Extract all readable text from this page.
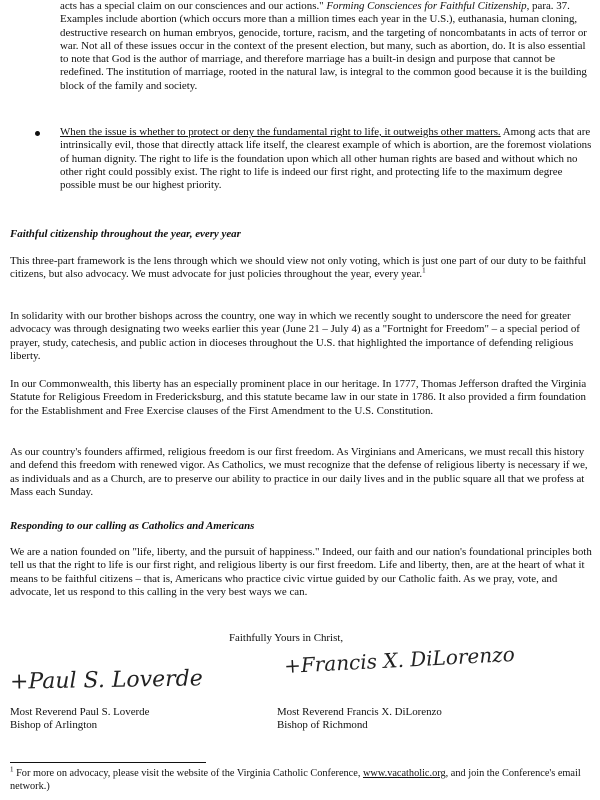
acts has a special claim on our consciences and our actions." Forming Consciences for Faithful Citizenship, para. 37. Examples include abortion (which occurs more than a million times each year in the U.S.), euthanasia, human cloning, destructive research on human embryos, genocide, torture, racism, and the targeting of noncombatants in acts of terror or war. Not all of these issues occur in the context of the present election, but many, such as abortion, do. It is also essential to note that God is the author of marriage, and therefore marriage has a built-in design and purpose that cannot be redefined. The institution of marriage, rooted in the natural law, is integral to the common good because it is the building block of the family and society.

When the issue is whether to protect or deny the fundamental right to life, it outweighs other matters. Among acts that are intrinsically evil, those that directly attack life itself, the clearest example of which is abortion, are the foremost violations of human dignity. The right to life is the foundation upon which all other human rights are based and without which no other right could possibly exist. The right to life is indeed our first right, and protecting life to the maximum degree possible must be our highest priority.

Faithful citizenship throughout the year, every year

This three-part framework is the lens through which we should view not only voting, which is just one part of our duty to be faithful citizens, but also advocacy. We must advocate for just policies throughout the year, every year.$^1$

In solidarity with our brother bishops across the country, one way in which we recently sought to underscore the need for greater advocacy was through designating two weeks earlier this year (June 21 – July 4) as a "Fortnight for Freedom" – a special period of prayer, study, catechesis, and public action in dioceses throughout the U.S. that highlighted the importance of defending religious liberty.

In our Commonwealth, this liberty has an especially prominent place in our heritage. In 1777, Thomas Jefferson drafted the Virginia Statute for Religious Freedom in Fredericksburg, and this statute became law in our state in 1786. It also provided a firm foundation for the Establishment and Free Exercise clauses of the First Amendment to the U.S. Constitution.

As our country's founders affirmed, religious freedom is our first freedom. As Virginians and Americans, we must recall this history and defend this freedom with renewed vigor. As Catholics, we must recognize that the defense of religious liberty is necessary if we, as individuals and as a Church, are to preserve our ability to practice in our daily lives and in the public square all that we profess at Mass each Sunday.

Responding to our calling as Catholics and Americans

We are a nation founded on "life, liberty, and the pursuit of happiness." Indeed, our faith and our nation's foundational principles both tell us that the right to life is our first right, and religious liberty is our first freedom. Life and liberty, then, are at the heart of what it means to be faithful citizens – that is, Americans who practice civic virtue guided by our Catholic faith. As we pray, vote, and advocate, let us respond to this calling in the very best ways we can.

Faithfully Yours in Christ,

+Paul S. Loverde
+Francis X. DiLorenzo

Most Reverend Paul S. Loverde

Bishop of Arlington

Most Reverend Francis X. DiLorenzo

Bishop of Richmond

$^1$ For more on advocacy, please visit the website of the Virginia Catholic Conference, www.vacatholic.org, and join the Conference's email network.)
